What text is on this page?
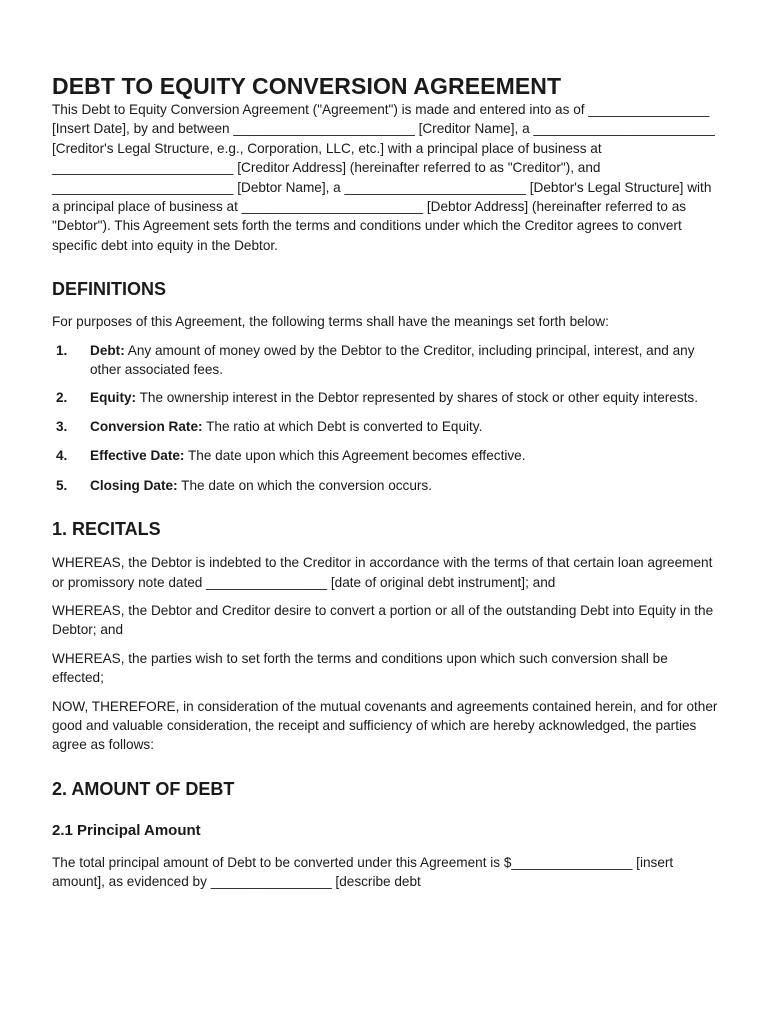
DEBT TO EQUITY CONVERSION AGREEMENT

This Debt to Equity Conversion Agreement ("Agreement") is made and entered into as of ________________ [Insert Date], by and between ________________________ [Creditor Name], a ________________________ [Creditor's Legal Structure, e.g., Corporation, LLC, etc.] with a principal place of business at ________________________ [Creditor Address] (hereinafter referred to as "Creditor"), and ________________________ [Debtor Name], a ________________________ [Debtor's Legal Structure] with a principal place of business at ________________________ [Debtor Address] (hereinafter referred to as "Debtor"). This Agreement sets forth the terms and conditions under which the Creditor agrees to convert specific debt into equity in the Debtor.

DEFINITIONS

For purposes of this Agreement, the following terms shall have the meanings set forth below:

1. Debt: Any amount of money owed by the Debtor to the Creditor, including principal, interest, and any other associated fees.
2. Equity: The ownership interest in the Debtor represented by shares of stock or other equity interests.
3. Conversion Rate: The ratio at which Debt is converted to Equity.
4. Effective Date: The date upon which this Agreement becomes effective.
5. Closing Date: The date on which the conversion occurs.
1. RECITALS

WHEREAS, the Debtor is indebted to the Creditor in accordance with the terms of that certain loan agreement or promissory note dated ________________ [date of original debt instrument]; and

WHEREAS, the Debtor and Creditor desire to convert a portion or all of the outstanding Debt into Equity in the Debtor; and

WHEREAS, the parties wish to set forth the terms and conditions upon which such conversion shall be effected;

NOW, THEREFORE, in consideration of the mutual covenants and agreements contained herein, and for other good and valuable consideration, the receipt and sufficiency of which are hereby acknowledged, the parties agree as follows:

2. AMOUNT OF DEBT
2.1 Principal Amount

The total principal amount of Debt to be converted under this Agreement is $________________ [insert amount], as evidenced by ________________ [describe debt
